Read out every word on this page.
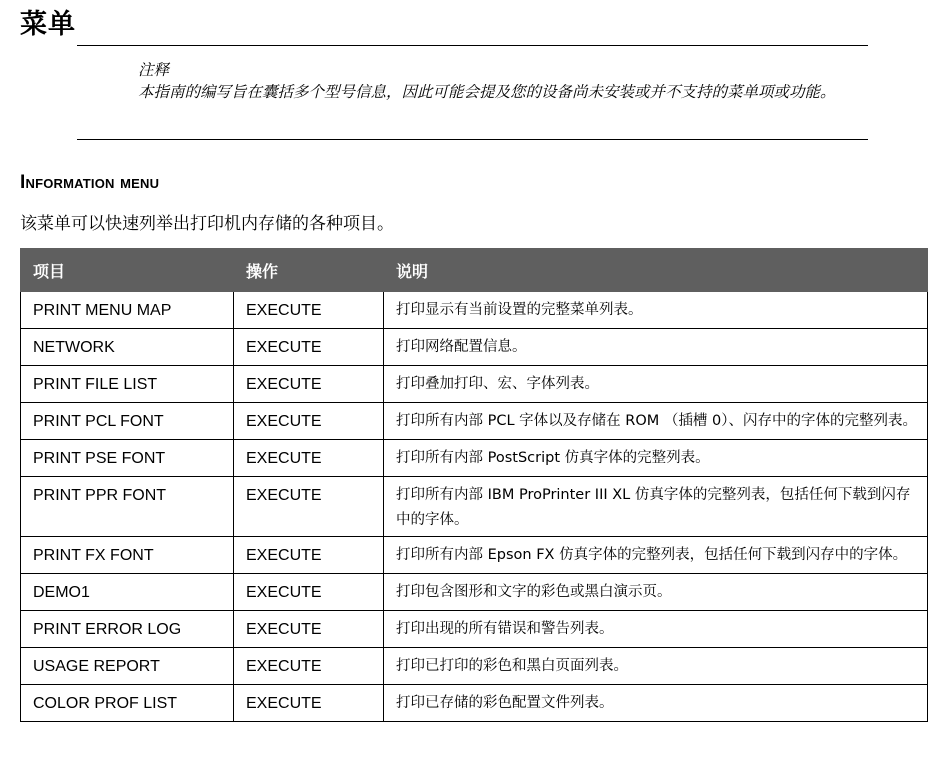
菜单
注释
本指南的编写旨在囊括多个型号信息，因此可能会提及您的设备尚未安装或并不支持的菜单项或功能。
Information menu
该菜单可以快速列举出打印机内存储的各种项目。
项目	操作	说明
PRINT MENU MAP	EXECUTE	打印显示有当前设置的完整菜单列表。
NETWORK	EXECUTE	打印网络配置信息。
PRINT FILE LIST	EXECUTE	打印叠加打印、宏、字体列表。
PRINT PCL FONT	EXECUTE	打印所有内部 PCL 字体以及存储在 ROM （插槽 0）、闪存中的字体的完整列表。
PRINT PSE FONT	EXECUTE	打印所有内部 PostScript 仿真字体的完整列表。
PRINT PPR FONT	EXECUTE	打印所有内部 IBM ProPrinter III XL 仿真字体的完整列表，包括任何下载到闪存中的字体。
PRINT FX FONT	EXECUTE	打印所有内部 Epson FX 仿真字体的完整列表，包括任何下载到闪存中的字体。
DEMO1	EXECUTE	打印包含图形和文字的彩色或黑白演示页。
PRINT ERROR LOG	EXECUTE	打印出现的所有错误和警告列表。
USAGE REPORT	EXECUTE	打印已打印的彩色和黑白页面列表。
COLOR PROF LIST	EXECUTE	打印已存储的彩色配置文件列表。
